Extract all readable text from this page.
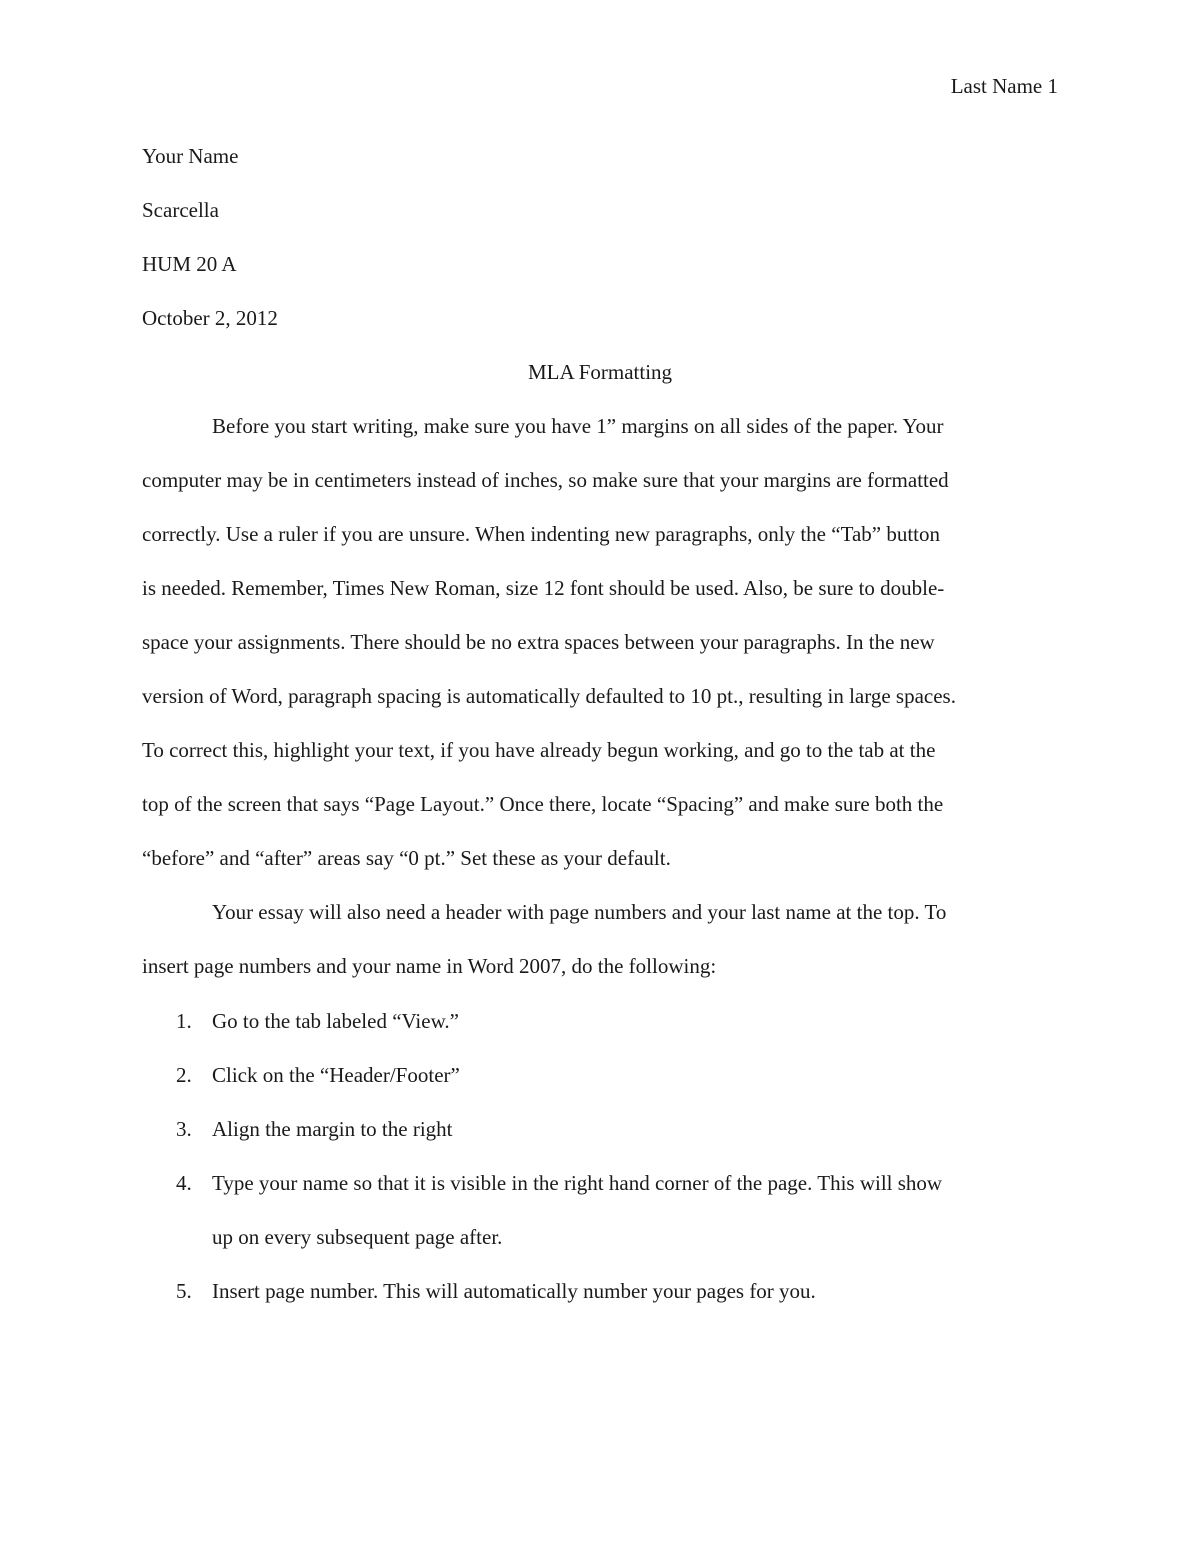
Last Name 1
Your Name
Scarcella
HUM 20 A
October 2, 2012
MLA Formatting
Before you start writing, make sure you have 1” margins on all sides of the paper. Your
computer may be in centimeters instead of inches, so make sure that your margins are formatted
correctly. Use a ruler if you are unsure. When indenting new paragraphs, only the “Tab” button
is needed. Remember, Times New Roman, size 12 font should be used. Also, be sure to double-
space your assignments. There should be no extra spaces between your paragraphs. In the new
version of Word, paragraph spacing is automatically defaulted to 10 pt., resulting in large spaces.
To correct this, highlight your text, if you have already begun working, and go to the tab at the
top of the screen that says “Page Layout.” Once there, locate “Spacing” and make sure both the
“before” and “after” areas say “0 pt.” Set these as your default.
Your essay will also need a header with page numbers and your last name at the top. To
insert page numbers and your name in Word 2007, do the following:
1. Go to the tab labeled “View.”
2. Click on the “Header/Footer”
3. Align the margin to the right
4. Type your name so that it is visible in the right hand corner of the page. This will show
up on every subsequent page after.
5. Insert page number. This will automatically number your pages for you.
